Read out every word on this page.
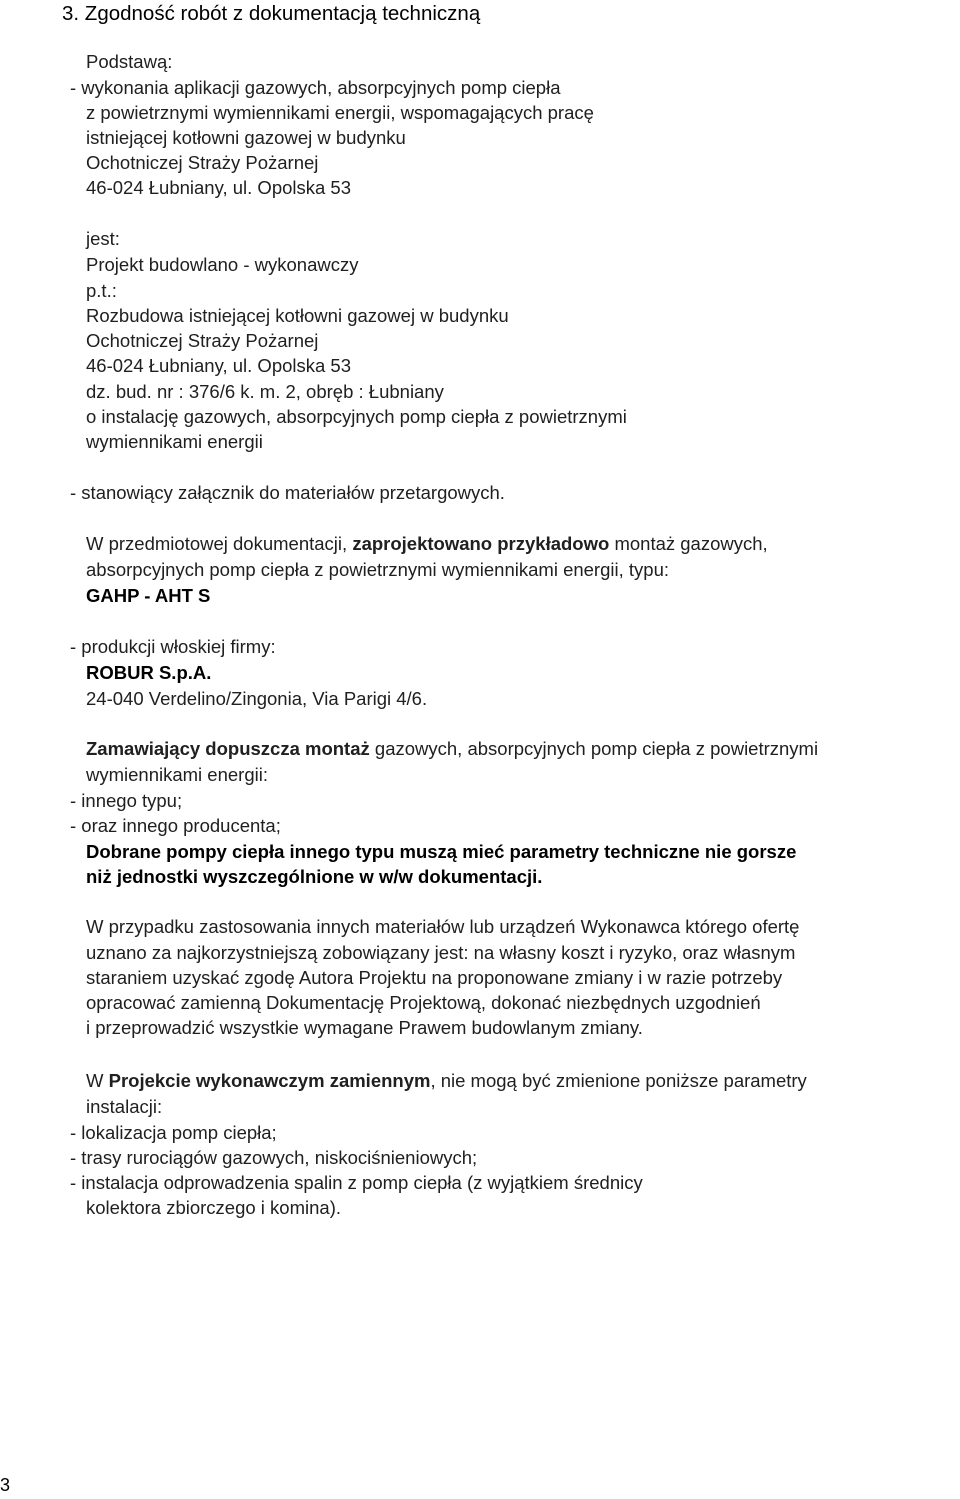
3. Zgodność robót z dokumentacją techniczną
Podstawą:
- wykonania aplikacji gazowych, absorpcyjnych pomp ciepła
z powietrznymi wymiennikami energii, wspomagających pracę
istniejącej kotłowni gazowej w budynku
Ochotniczej Straży Pożarnej
46-024 Łubniany, ul. Opolska 53
jest:
Projekt budowlano - wykonawczy
p.t.:
Rozbudowa istniejącej kotłowni gazowej w budynku
Ochotniczej Straży Pożarnej
46-024 Łubniany, ul. Opolska 53
dz. bud. nr : 376/6 k. m. 2, obręb : Łubniany
o instalację gazowych, absorpcyjnych pomp ciepła z powietrznymi
wymiennikami energii
- stanowiący załącznik do materiałów przetargowych.
W przedmiotowej dokumentacji, zaprojektowano przykładowo montaż gazowych,
absorpcyjnych pomp ciepła z powietrznymi wymiennikami energii, typu:
GAHP - AHT S
- produkcji włoskiej firmy:
ROBUR S.p.A.
24-040 Verdelino/Zingonia, Via Parigi 4/6.
Zamawiający dopuszcza montaż gazowych, absorpcyjnych pomp ciepła z powietrznymi
wymiennikami energii:
- innego typu;
- oraz innego producenta;
Dobrane pompy ciepła innego typu muszą mieć parametry techniczne nie gorsze
niż jednostki wyszczególnione w w/w dokumentacji.
W przypadku zastosowania innych materiałów lub urządzeń Wykonawca którego ofertę
uznano za najkorzystniejszą zobowiązany jest: na własny koszt i ryzyko, oraz własnym
staraniem uzyskać zgodę Autora Projektu na proponowane zmiany i w razie potrzeby
opracować zamienną Dokumentację Projektową, dokonać niezbędnych uzgodnień
i przeprowadzić wszystkie wymagane Prawem budowlanym zmiany.
W Projekcie wykonawczym zamiennym, nie mogą być zmienione poniższe parametry
instalacji:
- lokalizacja pomp ciepła;
- trasy rurociągów gazowych, niskociśnieniowych;
- instalacja odprowadzenia spalin z pomp ciepła (z wyjątkiem średnicy
kolektora zbiorczego i komina).
3
